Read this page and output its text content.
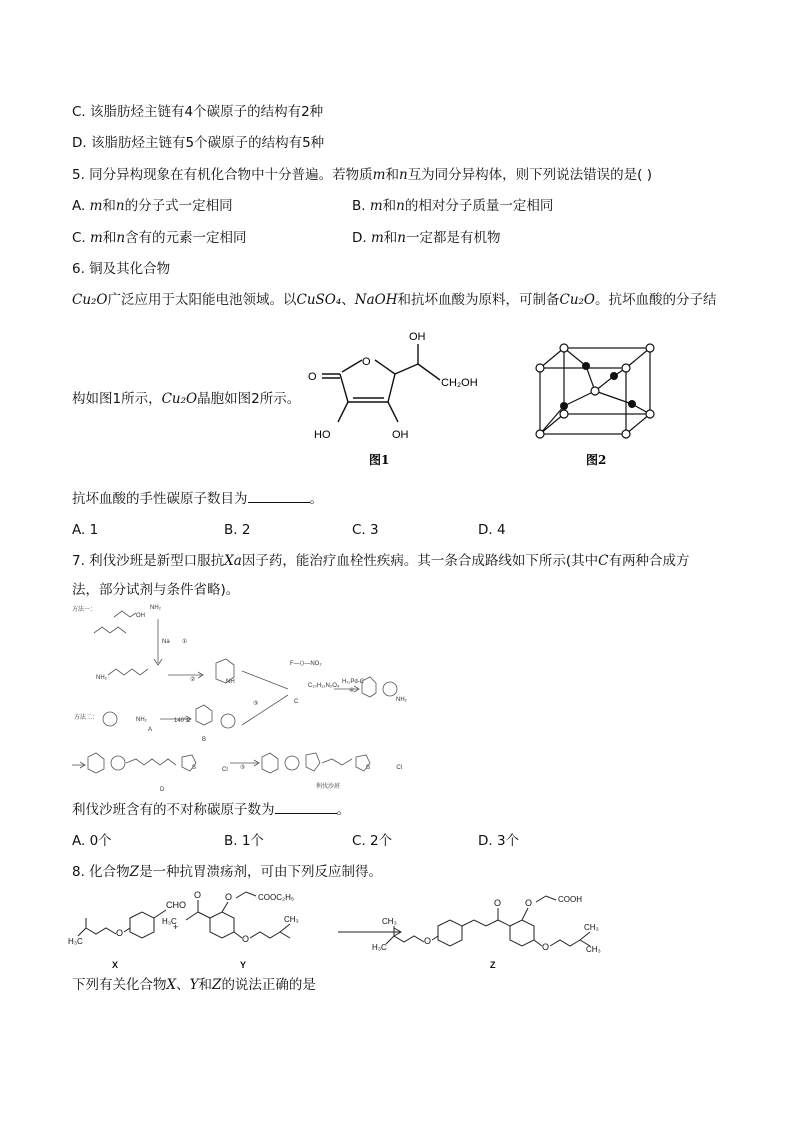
C. 该脂肪烃主链有4个碳原子的结构有2种
D. 该脂肪烃主链有5个碳原子的结构有5种
5. 同分异构现象在有机化合物中十分普遍。若物质m和n互为同分异构体，则下列说法错误的是( )
A. m和n的分子式一定相同	B. m和n的相对分子质量一定相同
C. m和n含有的元素一定相同	D. m和n一定都是有机物
6. 铜及其化合物
Cu₂O广泛应用于太阳能电池领域。以CuSO₄、NaOH和抗坏血酸为原料，可制备Cu₂O。抗坏血酸的分子结
构如图1所示，Cu₂O晶胞如图2所示。
O
O
HO	OH
OH
CH₂OH
图1	图2
抗坏血酸的手性碳原子数目为	。
A. 1	B. 2	C. 3	D. 4
7. 利伐沙班是新型口服抗Xa因子药，能治疗血栓性疾病。其一条合成路线如下所示(其中C有两种合成方
法，部分试剂与条件省略)。
方法一：
方法二：
Na ①
②
③
④
⑤
140℃
F—⟨⟩—NO₂
C₁₀H₁₂N₂O₄
H₂,Pd-C
A
B
C
D	利伐沙班
OH
NH₂
NH₂
NH
NH₂
NH₂
Cl	Cl
S	S
利伐沙班含有的不对称碳原子数为	。
A. 0个	B. 1个	C. 2个	D. 3个
8. 化合物Z是一种抗胃溃疡剂，可由下列反应制得。
CHO
H₃C
O
+
O
H₃C
O	COOC₂H₅
O
CH₃	CH₃
H₃C
O
O	O	COOH
O
CH₃
CH₃
X	Y	Z
下列有关化合物X、Y和Z的说法正确的是
